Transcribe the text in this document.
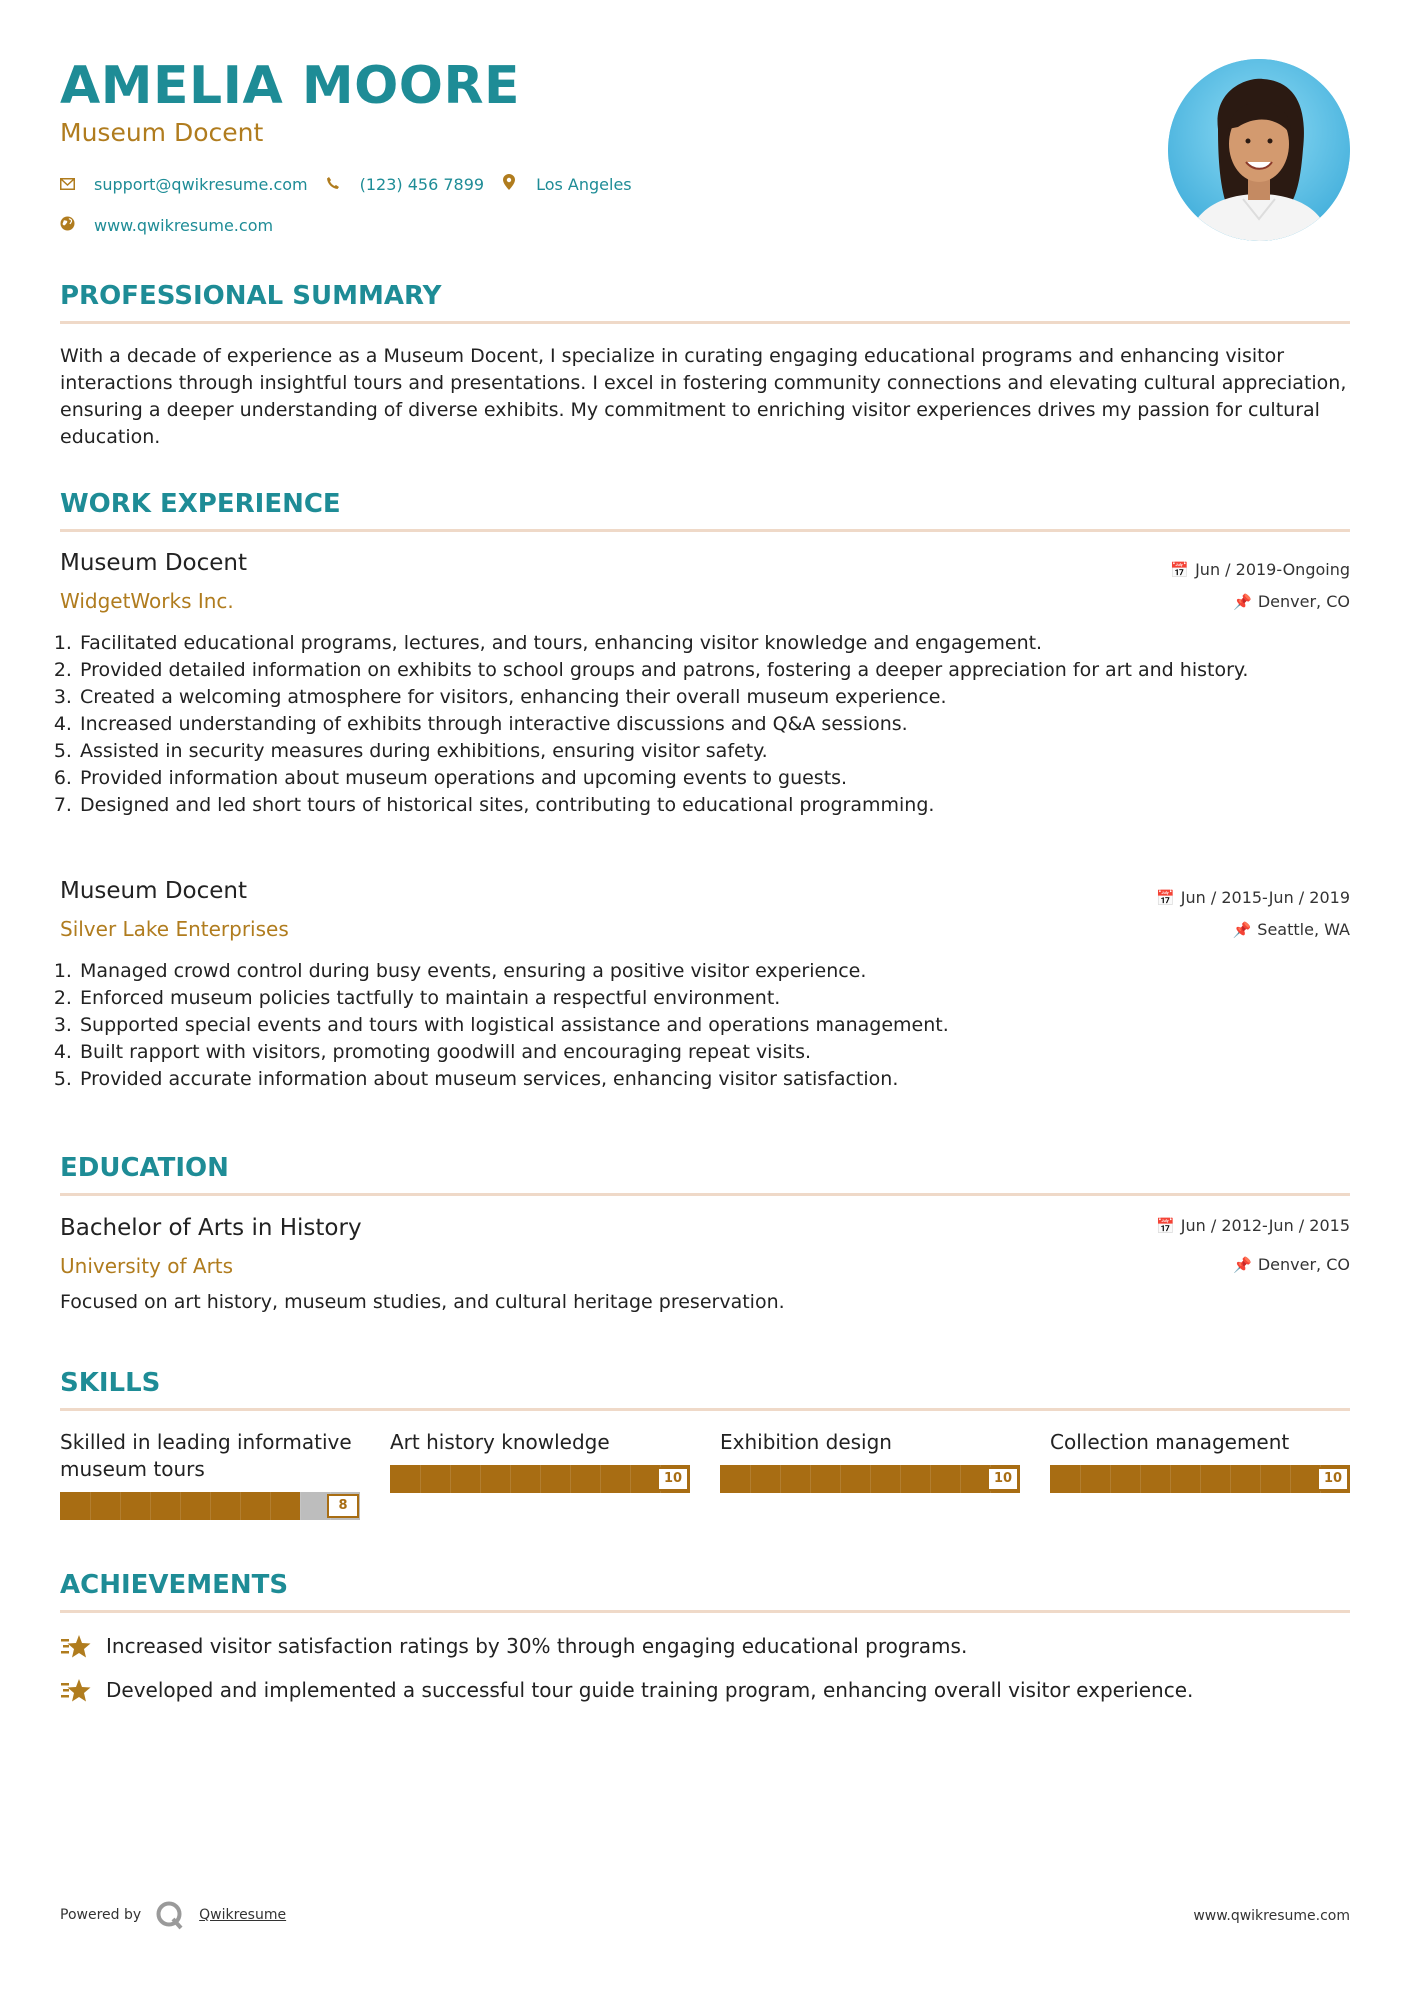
AMELIA MOORE
Museum Docent
support@qwikresume.com	(123) 456 7899	Los Angeles
www.qwikresume.com
PROFESSIONAL SUMMARY
With a decade of experience as a Museum Docent, I specialize in curating engaging educational programs and enhancing visitor interactions through insightful tours and presentations. I excel in fostering community connections and elevating cultural appreciation, ensuring a deeper understanding of diverse exhibits. My commitment to enriching visitor experiences drives my passion for cultural education.
WORK EXPERIENCE
Museum Docent
WidgetWorks Inc.
📅 Jun / 2019-Ongoing
📌 Denver, CO
1. Facilitated educational programs, lectures, and tours, enhancing visitor knowledge and engagement.
2. Provided detailed information on exhibits to school groups and patrons, fostering a deeper appreciation for art and history.
3. Created a welcoming atmosphere for visitors, enhancing their overall museum experience.
4. Increased understanding of exhibits through interactive discussions and Q&A sessions.
5. Assisted in security measures during exhibitions, ensuring visitor safety.
6. Provided information about museum operations and upcoming events to guests.
7. Designed and led short tours of historical sites, contributing to educational programming.
Museum Docent
Silver Lake Enterprises
📅 Jun / 2015-Jun / 2019
📌 Seattle, WA
1. Managed crowd control during busy events, ensuring a positive visitor experience.
2. Enforced museum policies tactfully to maintain a respectful environment.
3. Supported special events and tours with logistical assistance and operations management.
4. Built rapport with visitors, promoting goodwill and encouraging repeat visits.
5. Provided accurate information about museum services, enhancing visitor satisfaction.
EDUCATION
Bachelor of Arts in History
University of Arts
📅 Jun / 2012-Jun / 2015
📌 Denver, CO
Focused on art history, museum studies, and cultural heritage preservation.
SKILLS
Skilled in leading informative museum tours
8
Art history knowledge
10
Exhibition design
10
Collection management
10
ACHIEVEMENTS
Increased visitor satisfaction ratings by 30% through engaging educational programs.
Developed and implemented a successful tour guide training program, enhancing overall visitor experience.
Powered by	Qwikresume	www.qwikresume.com
